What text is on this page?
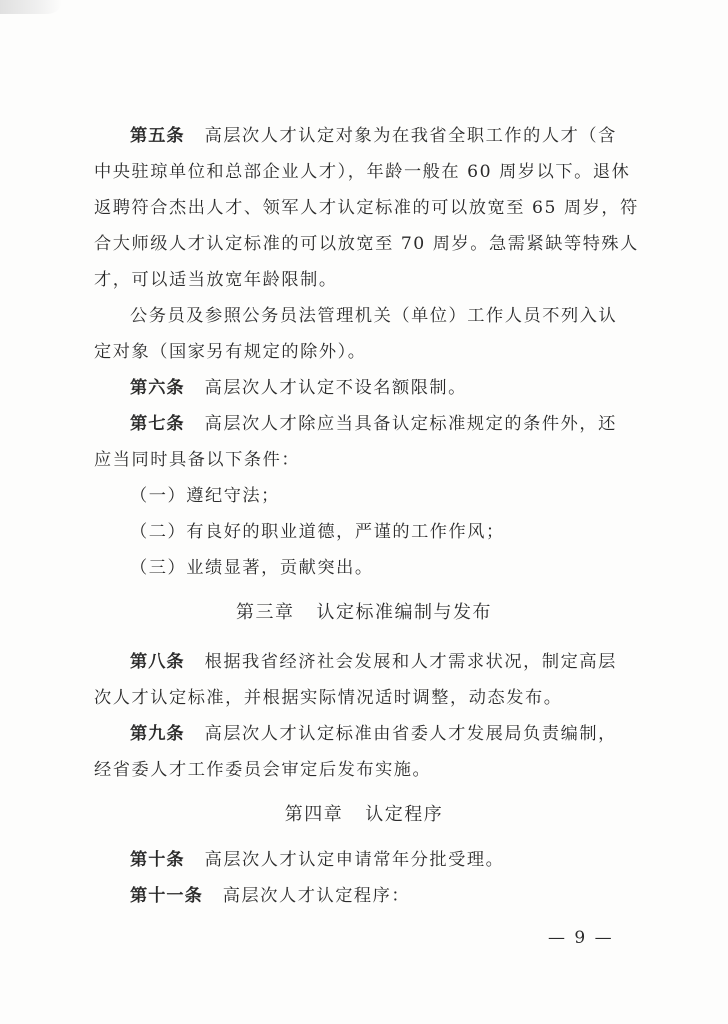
第五条 高层次人才认定对象为在我省全职工作的人才（含
中央驻琼单位和总部企业人才），年龄一般在 60 周岁以下。退休
返聘符合杰出人才、领军人才认定标准的可以放宽至 65 周岁，符
合大师级人才认定标准的可以放宽至 70 周岁。急需紧缺等特殊人
才，可以适当放宽年龄限制。
公务员及参照公务员法管理机关（单位）工作人员不列入认
定对象（国家另有规定的除外）。
第六条 高层次人才认定不设名额限制。
第七条 高层次人才除应当具备认定标准规定的条件外，还
应当同时具备以下条件：
（一）遵纪守法；
（二）有良好的职业道德，严谨的工作作风；
（三）业绩显著，贡献突出。
第三章 认定标准编制与发布
第八条 根据我省经济社会发展和人才需求状况，制定高层
次人才认定标准，并根据实际情况适时调整，动态发布。
第九条 高层次人才认定标准由省委人才发展局负责编制，
经省委人才工作委员会审定后发布实施。
第四章 认定程序
第十条 高层次人才认定申请常年分批受理。
第十一条 高层次人才认定程序：
— 9 —
